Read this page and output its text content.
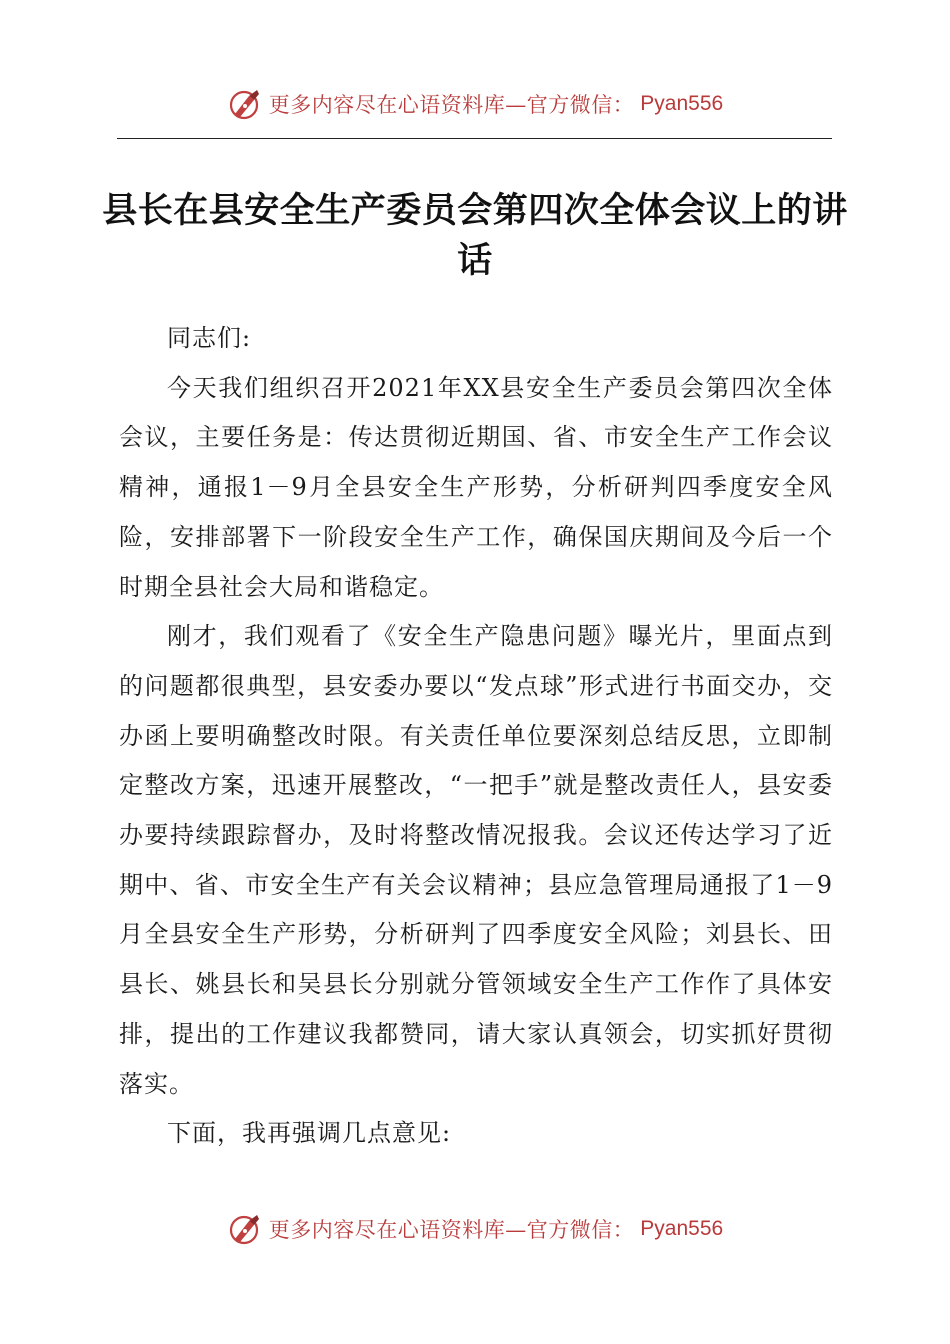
更多内容尽在心语资料库—官方微信： Pyan556
县长在县安全生产委员会第四次全体会议上的讲话

同志们:

今天我们组织召开2021年XX县安全生产委员会第四次全体会议，主要任务是：传达贯彻近期国、省、市安全生产工作会议精神，通报1－9月全县安全生产形势，分析研判四季度安全风险，安排部署下一阶段安全生产工作，确保国庆期间及今后一个时期全县社会大局和谐稳定。

刚才，我们观看了《安全生产隐患问题》曝光片，里面点到的问题都很典型，县安委办要以“发点球”形式进行书面交办，交办函上要明确整改时限。有关责任单位要深刻总结反思，立即制定整改方案，迅速开展整改，“一把手”就是整改责任人，县安委办要持续跟踪督办，及时将整改情况报我。会议还传达学习了近期中、省、市安全生产有关会议精神；县应急管理局通报了1－9月全县安全生产形势，分析研判了四季度安全风险；刘县长、田县长、姚县长和吴县长分别就分管领域安全生产工作作了具体安排，提出的工作建议我都赞同，请大家认真领会，切实抓好贯彻落实。

下面，我再强调几点意见:

更多内容尽在心语资料库—官方微信： Pyan556
